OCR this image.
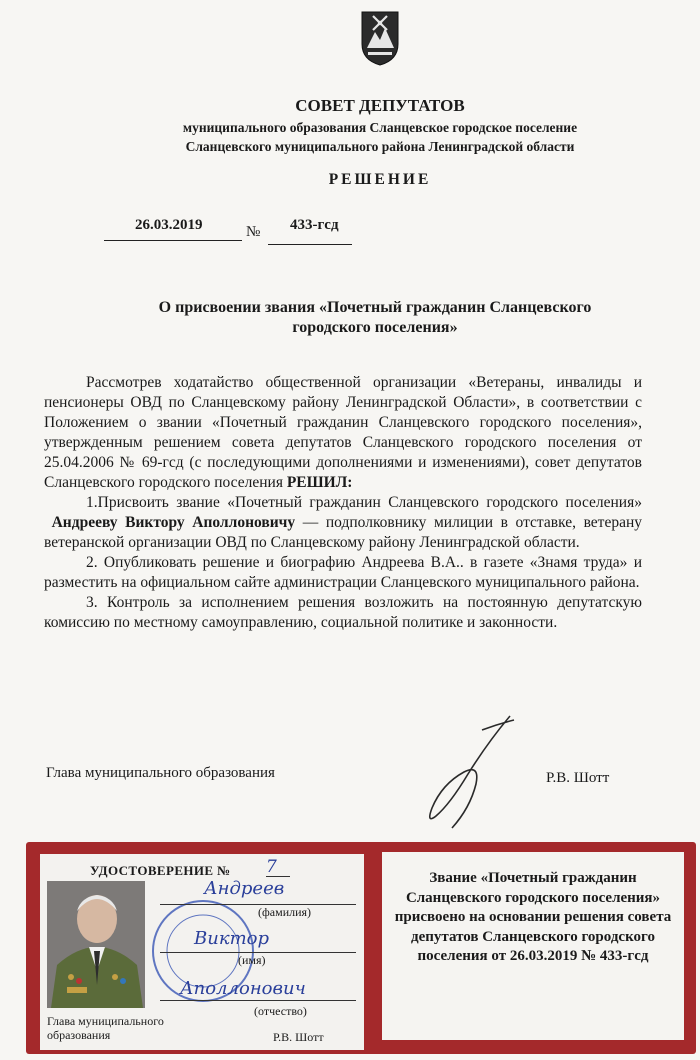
СОВЕТ ДЕПУТАТОВ
муниципального образования Сланцевское городское поселение
Сланцевского муниципального района Ленинградской области
РЕШЕНИЕ
26.03.2019	№ 433-гсд
О присвоении звания «Почетный гражданин Сланцевского городского поселения»

Рассмотрев ходатайство общественной организации «Ветераны, инвалиды и пенсионеры ОВД по Сланцевскому району Ленинградской Области», в соответствии с Положением о звании «Почетный гражданин Сланцевского городского поселения», утвержденным решением совета депутатов Сланцевского городского поселения от 25.04.2006 № 69-гсд (с последующими дополнениями и изменениями), совет депутатов Сланцевского городского поселения РЕШИЛ:

1.Присвоить звание «Почетный гражданин Сланцевского городского поселения»  Андрееву Виктору Аполлоновичу — подполковнику милиции в отставке, ветерану ветеранской организации ОВД по Сланцевскому району Ленинградской области.

2. Опубликовать решение и биографию Андреева В.А.. в газете «Знамя труда» и разместить на официальном сайте администрации Сланцевского муниципального района.

3. Контроль за исполнением решения возложить на постоянную депутатскую комиссию по местному самоуправлению, социальной политике и законности.

Глава муниципального образования	Р.В. Шотт
УДОСТОВЕРЕНИЕ № 7
Андреев
(фамилия)
Виктор
(имя)
Аполлонович
(отчество)
Глава муниципального
образования	Р.В. Шотт
Звание «Почетный гражданин Сланцевского городского поселения» присвоено на основании решения совета депутатов Сланцевского городского поселения от 26.03.2019 № 433-гсд
